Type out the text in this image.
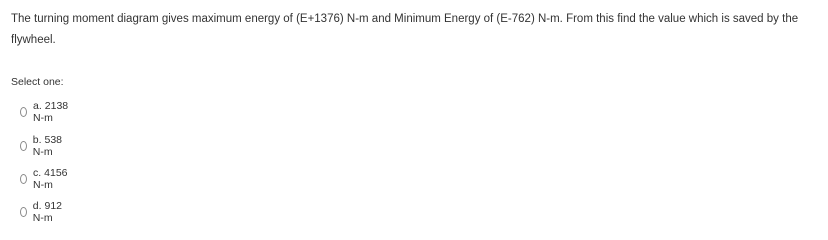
The turning moment diagram gives maximum energy of (E+1376) N-m and Minimum Energy of (E-762) N-m. From this find the value which is saved by the flywheel.
Select one:
a. 2138 N-m
b. 538 N-m
c. 4156 N-m
d. 912 N-m
